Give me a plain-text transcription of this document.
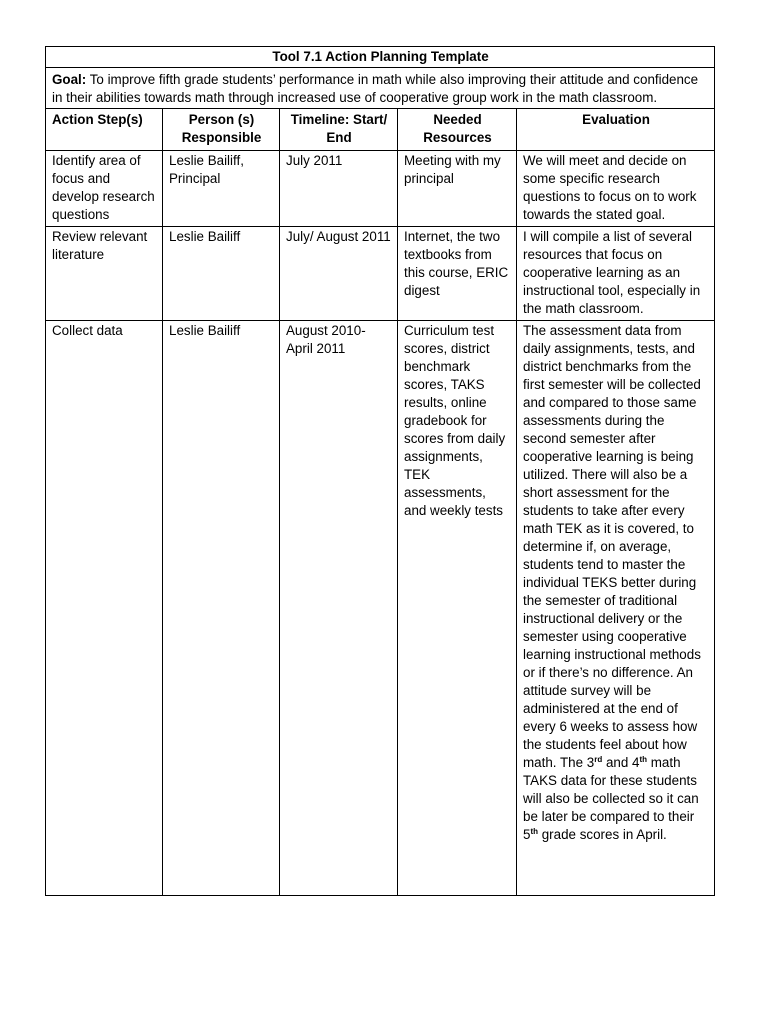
Tool 7.1 Action Planning Template				
Goal: To improve fifth grade students’ performance in math while also improving their attitude and confidence in their abilities towards math through increased use of cooperative group work in the math classroom.				
Action Step(s)	Person (s) Responsible	Timeline: Start/ End	Needed Resources	Evaluation
Identify area of focus and develop research questions	Leslie Bailiff, Principal	July 2011	Meeting with my principal	We will meet and decide on some specific research questions to focus on to work towards the stated goal.
Review relevant literature	Leslie Bailiff	July/ August 2011	Internet, the two textbooks from this course, ERIC digest	I will compile a list of several resources that focus on cooperative learning as an instructional tool, especially in the math classroom.
Collect data	Leslie Bailiff	August 2010-April 2011	Curriculum test scores, district benchmark scores, TAKS results, online gradebook for scores from daily assignments, TEK assessments, and weekly tests	The assessment data from daily assignments, tests, and district benchmarks from the first semester will be collected and compared to those same assessments during the second semester after cooperative learning is being utilized. There will also be a short assessment for the students to take after every math TEK as it is covered, to determine if, on average, students tend to master the individual TEKS better during the semester of traditional instructional delivery or the semester using cooperative learning instructional methods or if there’s no difference. An attitude survey will be administered at the end of every 6 weeks to assess how the students feel about how math. The 3rd and 4th math TAKS data for these students will also be collected so it can be later be compared to their 5th grade scores in April.
